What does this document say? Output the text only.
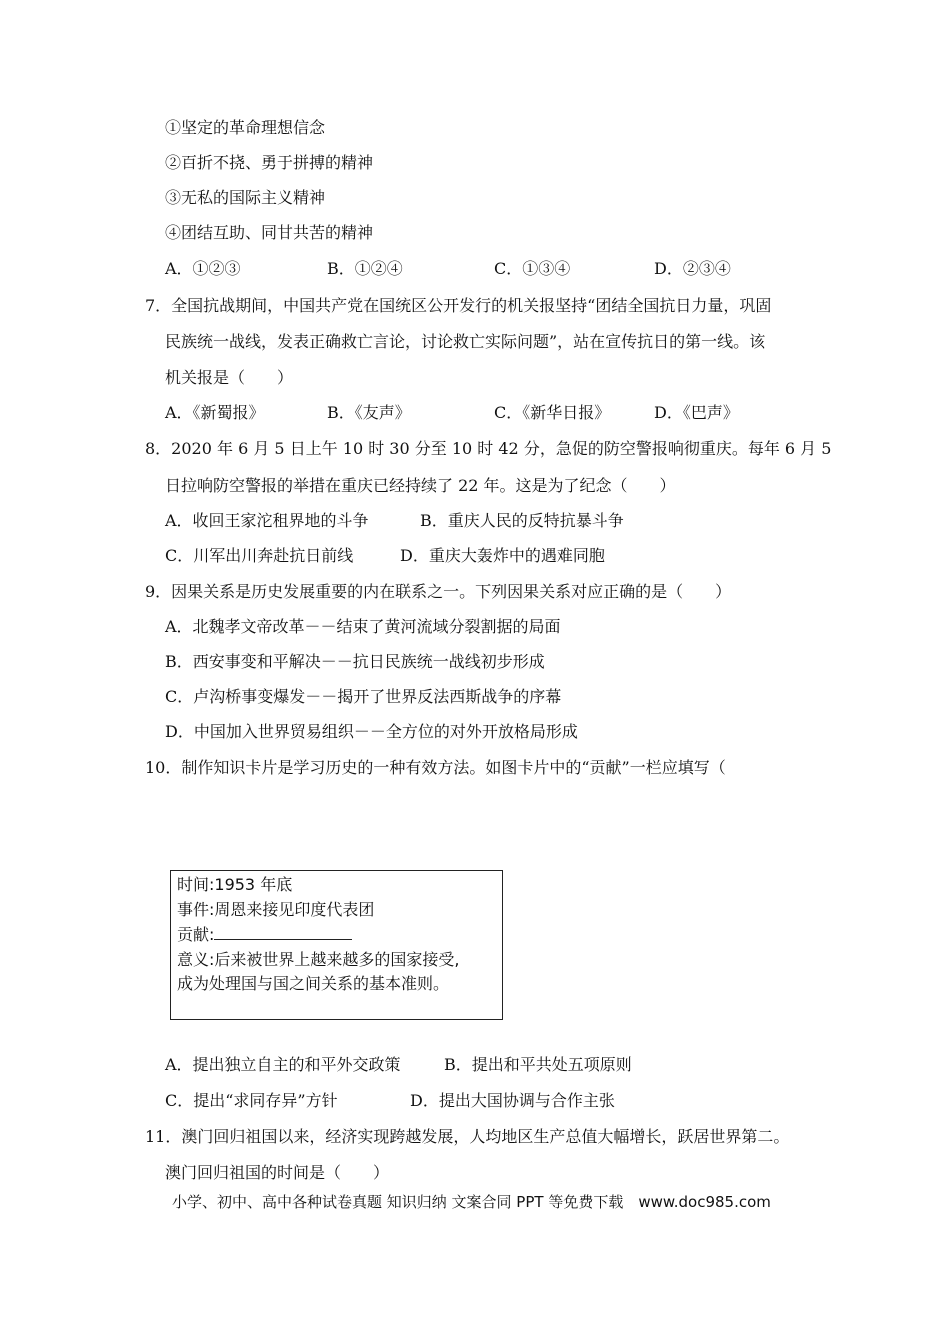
①坚定的革命理想信念
②百折不挠、勇于拼搏的精神
③无私的国际主义精神
④团结互助、同甘共苦的精神
A．①②③	B．①②④	C．①③④	D．②③④
7．全国抗战期间，中国共产党在国统区公开发行的机关报坚持“团结全国抗日力量，巩固
民族统一战线，发表正确救亡言论，讨论救亡实际问题”，站在宣传抗日的第一线。该
机关报是（　　）
A．《新蜀报》	B．《友声》	C．《新华日报》	D．《巴声》
8．2020 年 6 月 5 日上午 10 时 30 分至 10 时 42 分，急促的防空警报响彻重庆。每年 6 月 5
日拉响防空警报的举措在重庆已经持续了 22 年。这是为了纪念（　　）
A．收回王家沱租界地的斗争	B．重庆人民的反特抗暴斗争
C．川军出川奔赴抗日前线	D．重庆大轰炸中的遇难同胞
9．因果关系是历史发展重要的内在联系之一。下列因果关系对应正确的是（　　）
A．北魏孝文帝改革－－结束了黄河流域分裂割据的局面
B．西安事变和平解决－－抗日民族统一战线初步形成
C．卢沟桥事变爆发－－揭开了世界反法西斯战争的序幕
D．中国加入世界贸易组织－－全方位的对外开放格局形成
10．制作知识卡片是学习历史的一种有效方法。如图卡片中的“贡献”一栏应填写（
时间:1953 年底
事件:周恩来接见印度代表团
贡献:
意义:后来被世界上越来越多的国家接受,
成为处理国与国之间关系的基本准则。
A．提出独立自主的和平外交政策	B．提出和平共处五项原则
C．提出“求同存异”方针	D．提出大国协调与合作主张
11．澳门回归祖国以来，经济实现跨越发展，人均地区生产总值大幅增长，跃居世界第二。
澳门回归祖国的时间是（　　）
小学、初中、高中各种试卷真题 知识归纳 文案合同 PPT 等免费下载　www.doc985.com
